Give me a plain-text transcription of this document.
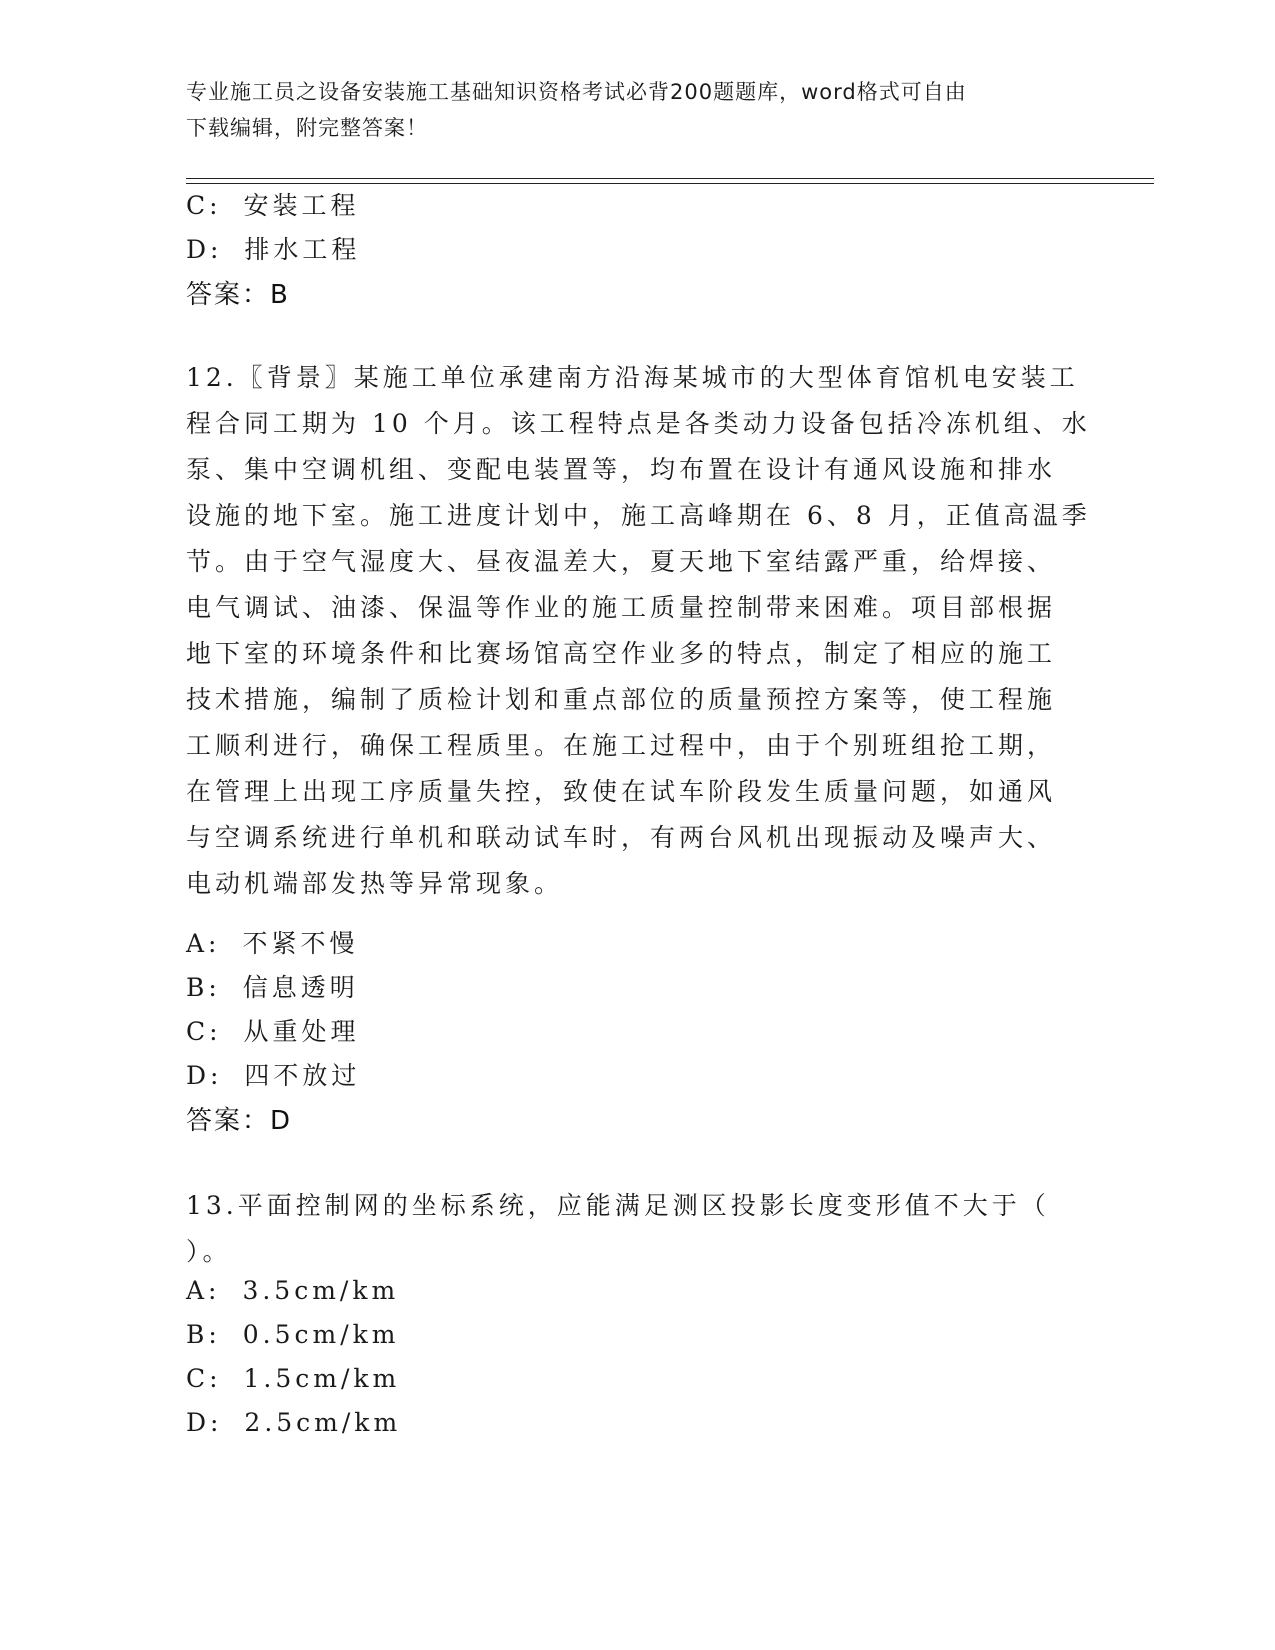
专业施工员之设备安装施工基础知识资格考试必背200题题库，word格式可自由
下载编辑，附完整答案！
C: 安装工程
D: 排水工程
答案：B
12.〖背景〗某施工单位承建南方沿海某城市的大型体育馆机电安装工
程合同工期为 10 个月。该工程特点是各类动力设备包括冷冻机组、水
泵、集中空调机组、变配电装置等，均布置在设计有通风设施和排水
设施的地下室。施工进度计划中，施工高峰期在 6、8 月，正值高温季
节。由于空气湿度大、昼夜温差大，夏天地下室结露严重，给焊接、
电气调试、油漆、保温等作业的施工质量控制带来困难。项目部根据
地下室的环境条件和比赛场馆高空作业多的特点，制定了相应的施工
技术措施，编制了质检计划和重点部位的质量预控方案等，使工程施
工顺利进行，确保工程质里。在施工过程中，由于个别班组抢工期，
在管理上出现工序质量失控，致使在试车阶段发生质量问题，如通风
与空调系统进行单机和联动试车时，有两台风机出现振动及噪声大、
电动机端部发热等异常现象。
A: 不紧不慢
B: 信息透明
C: 从重处理
D: 四不放过
答案：D
13.平面控制网的坐标系统，应能满足测区投影长度变形值不大于（
）。
A: 3.5cm/km
B: 0.5cm/km
C: 1.5cm/km
D: 2.5cm/km
